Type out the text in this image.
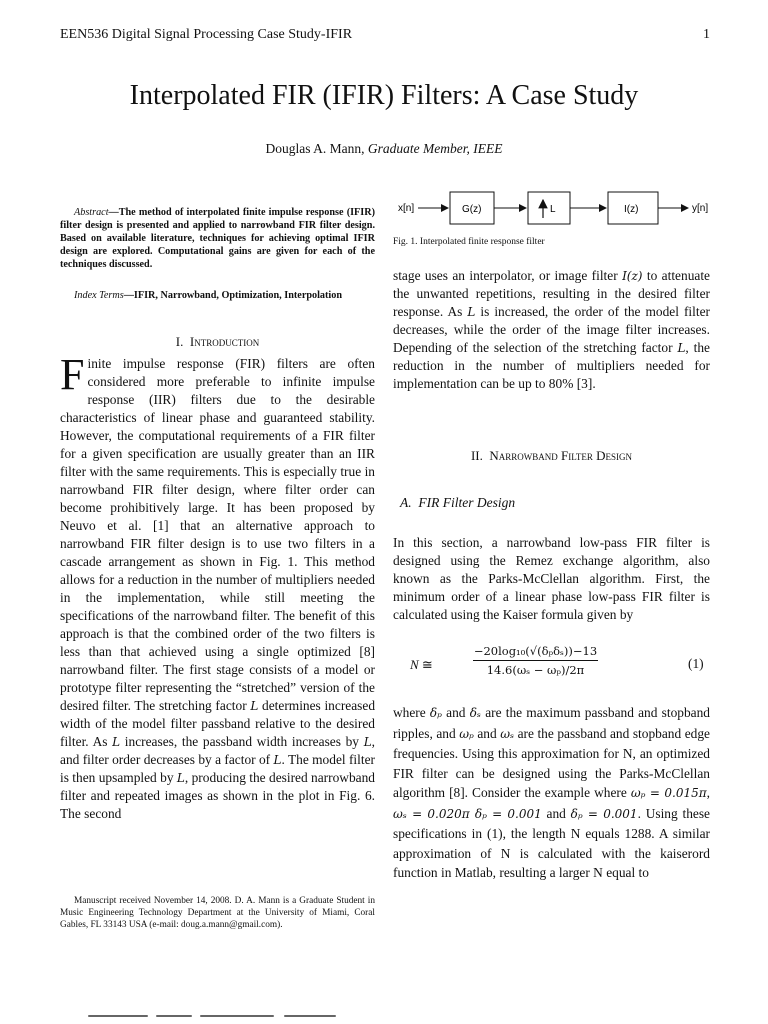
EEN536 Digital Signal Processing Case Study-IFIR	1
Interpolated FIR (IFIR) Filters: A Case Study
Douglas A. Mann, Graduate Member, IEEE
Abstract—The method of interpolated finite impulse response (IFIR) filter design is presented and applied to narrowband FIR filter design. Based on available literature, techniques for achieving optimal IFIR design are explored. Computational gains are given for each of the techniques discussed.
Index Terms—IFIR, Narrowband, Optimization, Interpolation
I. Introduction
Finite impulse response (FIR) filters are often considered more preferable to infinite impulse response (IIR) filters due to the desirable characteristics of linear phase and guaranteed stability. However, the computational requirements of a FIR filter for a given specification are usually greater than an IIR filter with the same requirements. This is especially true in narrowband FIR filter design, where filter order can become prohibitively large. It has been proposed by Neuvo et al. [1] that an alternative approach to narrowband FIR filter design is to use two filters in a cascade arrangement as shown in Fig. 1. This method allows for a reduction in the number of multipliers needed in the implementation, while still meeting the specifications of the narrowband filter. The benefit of this approach is that the combined order of the two filters is less than that achieved using a single optimized [8] narrowband filter. The first stage consists of a model or prototype filter representing the “stretched” version of the desired filter. The stretching factor L determines increased width of the model filter passband relative to the desired filter. As L increases, the passband width increases by L, and filter order decreases by a factor of L. The model filter is then upsampled by L, producing the desired narrowband filter and repeated images as shown in the plot in Fig. 6. The second
Manuscript received November 14, 2008. D. A. Mann is a Graduate Student in Music Engineering Technology Department at the University of Miami, Coral Gables, FL 33143 USA (e-mail: doug.a.mann@gmail.com).
x[n]	G(z)	L	I(z)	y[n]
Fig. 1. Interpolated finite response filter
stage uses an interpolator, or image filter I(z) to attenuate the unwanted repetitions, resulting in the desired filter response. As L is increased, the order of the model filter decreases, while the order of the image filter increases. Depending of the selection of the stretching factor L, the reduction in the number of multipliers needed for implementation can be up to 80% [3].
II. Narrowband Filter Design
A. FIR Filter Design
In this section, a narrowband low-pass FIR filter is designed using the Remez exchange algorithm, also known as the Parks-McClellan algorithm. First, the minimum order of a linear phase low-pass FIR filter is calculated using the Kaiser formula given by
N ≅
−20log₁₀(√(δₚδₛ))−13
14.6(ωₛ − ωₚ)/2π	(1)
where δₚ and δₛ are the maximum passband and stopband ripples, and ωₚ and ωₛ are the passband and stopband edge frequencies. Using this approximation for N, an optimized FIR filter can be designed using the Parks-McClellan algorithm [8]. Consider the example where ωₚ = 0.015π, ωₛ = 0.020π δₚ = 0.001 and δₚ = 0.001. Using these specifications in (1), the length N equals 1288. A similar approximation of N is calculated with the kaiserord function in Matlab, resulting a larger N equal to
